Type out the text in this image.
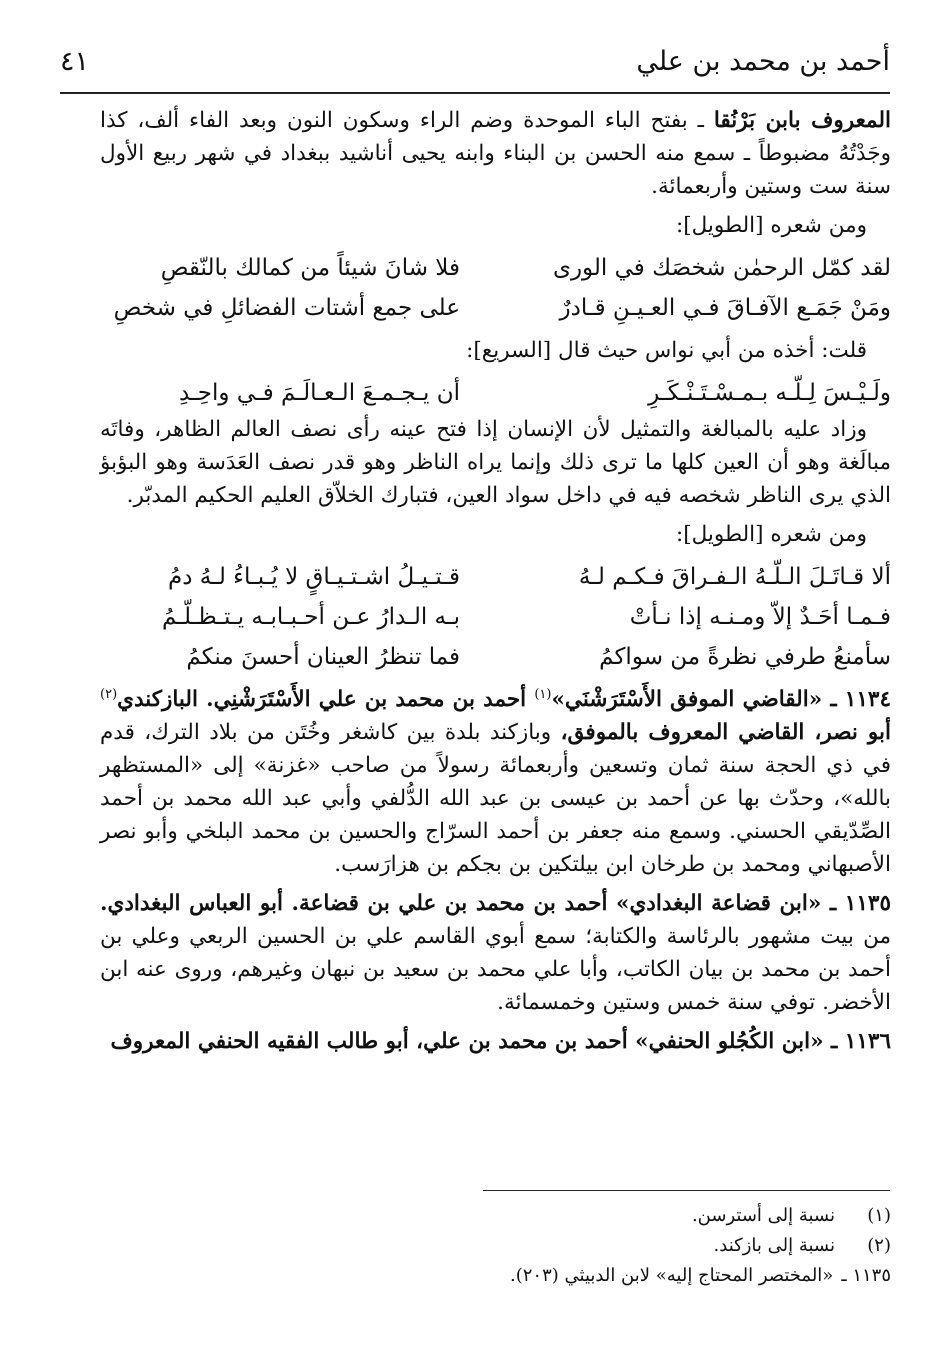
أحمد بن محمد بن علي
٤١

المعروف بابن بَرْنُقا ـ بفتح الباء الموحدة وضم الراء وسكون النون وبعد الفاء ألف، كذا وجَدْتُهُ مضبوطاً ـ سمع منه الحسن بن البناء وابنه يحيى أناشيد ببغداد في شهر ربيع الأول سنة ست وستين وأربعمائة.

ومن شعره [الطويل]:

لقد كمّل الرحمٰن شخصَك في الورى
فلا شانَ شيئاً من كمالك بالنّقصِ
ومَنْ جَمَـع الآفـاقَ فـي العـيـنِ قـادرٌ
على جمع أشتات الفضائلِ في شخصِ

قلت: أخذه من أبي نواس حيث قال [السريع]:

ولَـيْـسَ لِـلّـه بـمـسْـتَـنْـكَـرِ
أن يـجـمـعَ الـعـالَـمَ فـي واحِـدِ

وزاد عليه بالمبالغة والتمثيل لأن الإنسان إذا فتح عينه رأى نصف العالم الظاهر، وفاتَه مبالَغة وهو أن العين كلها ما ترى ذلك وإنما يراه الناظر وهو قدر نصف العَدَسة وهو البؤبؤ الذي يرى الناظر شخصه فيه في داخل سواد العين، فتبارك الخلاّق العليم الحكيم المدبّر.

ومن شعره [الطويل]:

ألا قـاتَـلَ الـلّـهُ الـفـراقَ فـكـم لـهُ
قـتـيـلُ اشـتـيـاقٍ لا يُـبـاءُ لـهُ دمُ
فـمـا أحَـدٌ إلاّ ومـنـه إذا نـأتْ
بـه الـدارُ عـن أحـبـابـه يـتـظـلّـمُ
سأمنعُ طرفي نظرةً من سواكمُ
فما تنظرُ العينان أحسنَ منكمُ

١١٣٤ ـ «القاضي الموفق الأَسْتَرَشْنَي»$^{(١)}$ أحمد بن محمد بن علي الأَسْتَرَشْنِي. البازكندي$^{(٢)}$ أبو نصر، القاضي المعروف بالموفق، وبازكند بلدة بين كاشغر وخُتَن من بلاد الترك، قدم في ذي الحجة سنة ثمان وتسعين وأربعمائة رسولاً من صاحب «غزنة» إلى «المستظهر بالله»، وحدّث بها عن أحمد بن عيسى بن عبد الله الدُّلفي وأبي عبد الله محمد بن أحمد الصِّدّيقي الحسني. وسمع منه جعفر بن أحمد السرّاج والحسين بن محمد البلخي وأبو نصر الأصبهاني ومحمد بن طرخان ابن بيلتكين بن بجكم بن هزارَسب.

١١٣٥ ـ «ابن قضاعة البغدادي» أحمد بن محمد بن علي بن قضاعة. أبو العباس البغدادي. من بيت مشهور بالرئاسة والكتابة؛ سمع أبوي القاسم علي بن الحسين الربعي وعلي بن أحمد بن محمد بن بيان الكاتب، وأبا علي محمد بن سعيد بن نبهان وغيرهم، وروى عنه ابن الأخضر. توفي سنة خمس وستين وخمسمائة.

١١٣٦ ـ «ابن الكُجُلو الحنفي» أحمد بن محمد بن علي، أبو طالب الفقيه الحنفي المعروف

(١)
نسبة إلى أسترسن.
(٢)
نسبة إلى بازكند.
١١٣٥ ـ
«المختصر المحتاج إليه» لابن الدبيثي (٢٠٣).
